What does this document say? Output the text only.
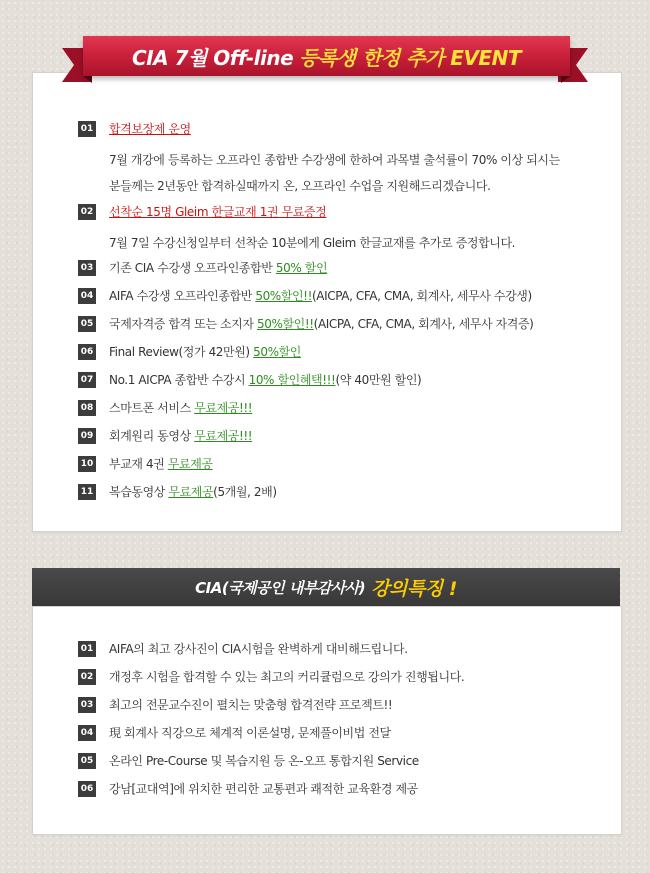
CIA 7월 Off-line 등록생 한정 추가 EVENT
01 합격보장제 운영
7월 개강에 등록하는 오프라인 종합반 수강생에 한하여 과목별 출석률이 70% 이상 되시는
분들께는 2년동안 합격하실때까지 온, 오프라인 수업을 지원해드리겠습니다.
02 선착순 15명 Gleim 한글교재 1권 무료증정
7월 7일 수강신청일부터 선착순 10분에게 Gleim 한글교재를 추가로 증정합니다.
03 기존 CIA 수강생 오프라인종합반 50% 할인
04 AIFA 수강생 오프라인종합반 50%할인!!(AICPA, CFA, CMA, 회계사, 세무사 수강생)
05 국제자격증 합격 또는 소지자 50%할인!!(AICPA, CFA, CMA, 회계사, 세무사 자격증)
06 Final Review(정가 42만원) 50%할인
07 No.1 AICPA 종합반 수강시 10% 할인혜택!!!(약 40만원 할인)
08 스마트폰 서비스 무료제공!!!
09 회계원리 동영상 무료제공!!!
10 부교재 4권 무료제공
11 복습동영상 무료제공(5개월, 2배)
CIA(국제공인 내부감사사) 강의특징 !
01 AIFA의 최고 강사진이 CIA시험을 완벽하게 대비해드립니다.
02 개정후 시험을 합격할 수 있는 최고의 커리큘럼으로 강의가 진행됩니다.
03 최고의 전문교수진이 펼치는 맞춤형 합격전략 프로젝트!!
04 現 회계사 직강으로 체계적 이론설명, 문제풀이비법 전달
05 온라인 Pre-Course 및 복습지원 등 온-오프 통합지원 Service
06 강남[교대역]에 위치한 편리한 교통편과 쾌적한 교육환경 제공
